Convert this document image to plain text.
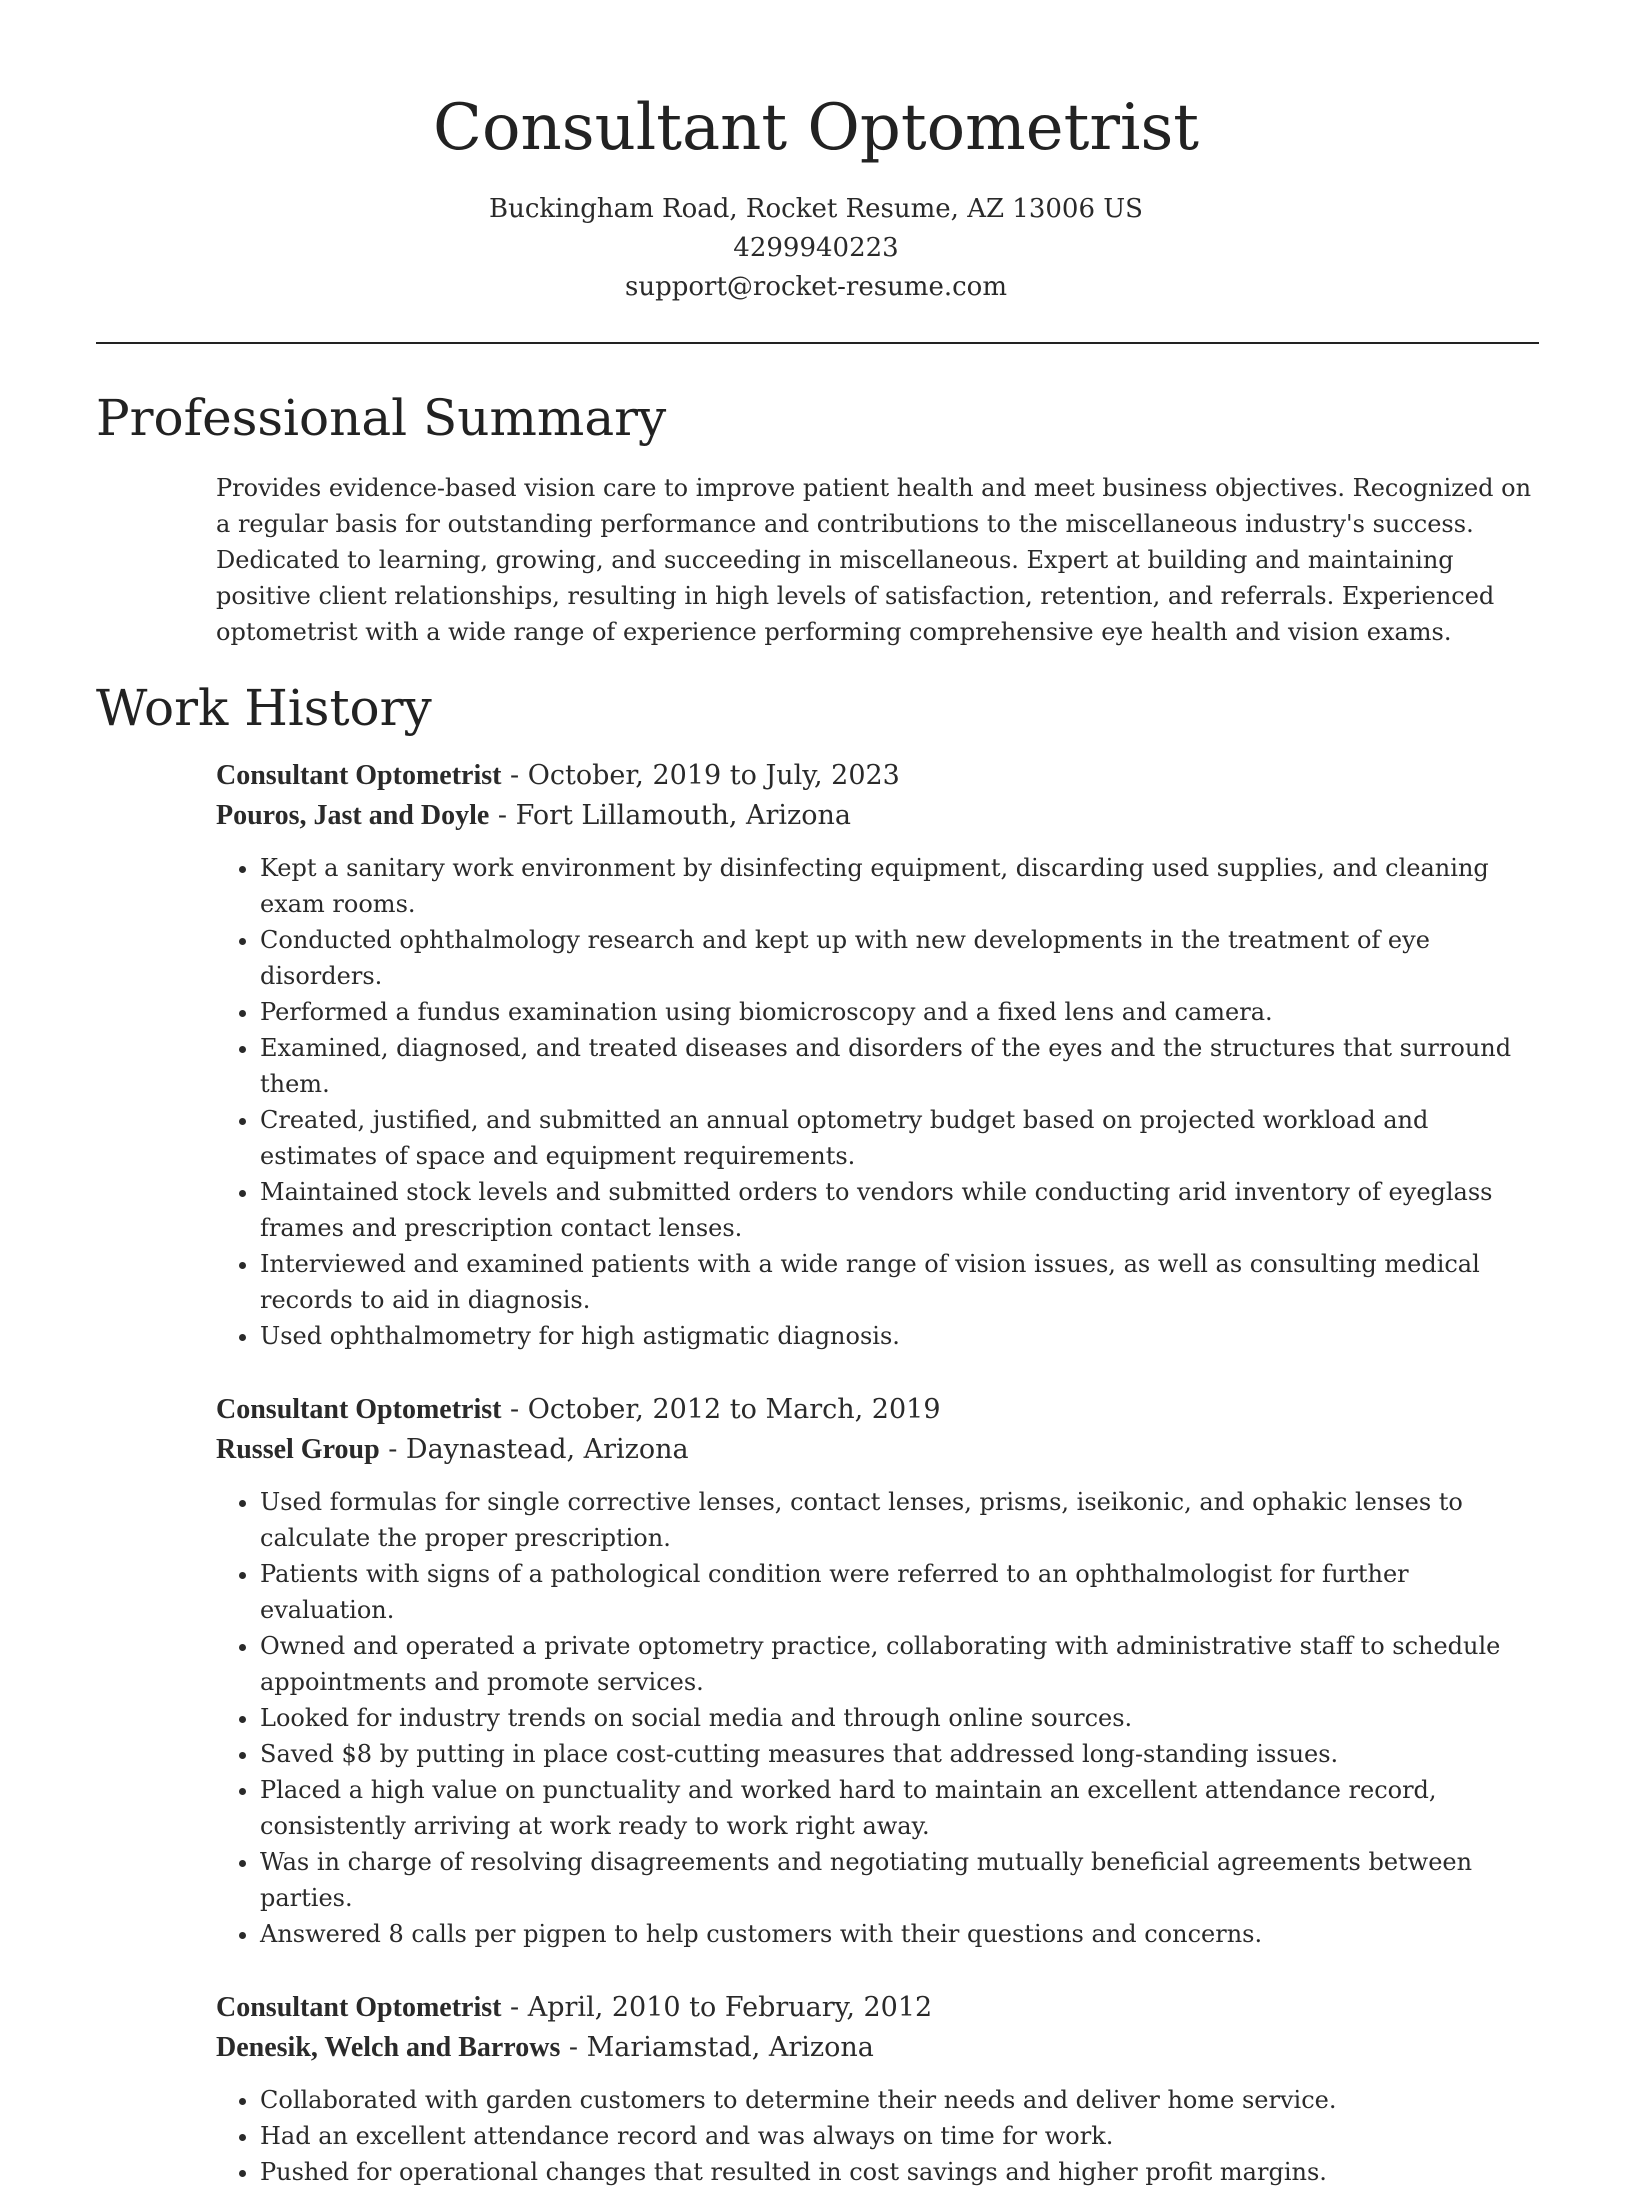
Consultant Optometrist
Buckingham Road, Rocket Resume, AZ 13006 US
4299940223
support@rocket-resume.com
Professional Summary
Provides evidence-based vision care to improve patient health and meet business objectives. Recognized on a regular basis for outstanding performance and contributions to the miscellaneous industry's success. Dedicated to learning, growing, and succeeding in miscellaneous. Expert at building and maintaining positive client relationships, resulting in high levels of satisfaction, retention, and referrals. Experienced optometrist with a wide range of experience performing comprehensive eye health and vision exams.
Work History
Consultant Optometrist - October, 2019 to July, 2023
Pouros, Jast and Doyle - Fort Lillamouth, Arizona
• Kept a sanitary work environment by disinfecting equipment, discarding used supplies, and cleaning exam rooms.
• Conducted ophthalmology research and kept up with new developments in the treatment of eye disorders.
• Performed a fundus examination using biomicroscopy and a fixed lens and camera.
• Examined, diagnosed, and treated diseases and disorders of the eyes and the structures that surround them.
• Created, justified, and submitted an annual optometry budget based on projected workload and estimates of space and equipment requirements.
• Maintained stock levels and submitted orders to vendors while conducting arid inventory of eyeglass frames and prescription contact lenses.
• Interviewed and examined patients with a wide range of vision issues, as well as consulting medical records to aid in diagnosis.
• Used ophthalmometry for high astigmatic diagnosis.
Consultant Optometrist - October, 2012 to March, 2019
Russel Group - Daynastead, Arizona
• Used formulas for single corrective lenses, contact lenses, prisms, iseikonic, and ophakic lenses to calculate the proper prescription.
• Patients with signs of a pathological condition were referred to an ophthalmologist for further evaluation.
• Owned and operated a private optometry practice, collaborating with administrative staff to schedule appointments and promote services.
• Looked for industry trends on social media and through online sources.
• Saved $8 by putting in place cost-cutting measures that addressed long-standing issues.
• Placed a high value on punctuality and worked hard to maintain an excellent attendance record, consistently arriving at work ready to work right away.
• Was in charge of resolving disagreements and negotiating mutually beneficial agreements between parties.
• Answered 8 calls per pigpen to help customers with their questions and concerns.
Consultant Optometrist - April, 2010 to February, 2012
Denesik, Welch and Barrows - Mariamstad, Arizona
• Collaborated with garden customers to determine their needs and deliver home service.
• Had an excellent attendance record and was always on time for work.
• Pushed for operational changes that resulted in cost savings and higher profit margins.
